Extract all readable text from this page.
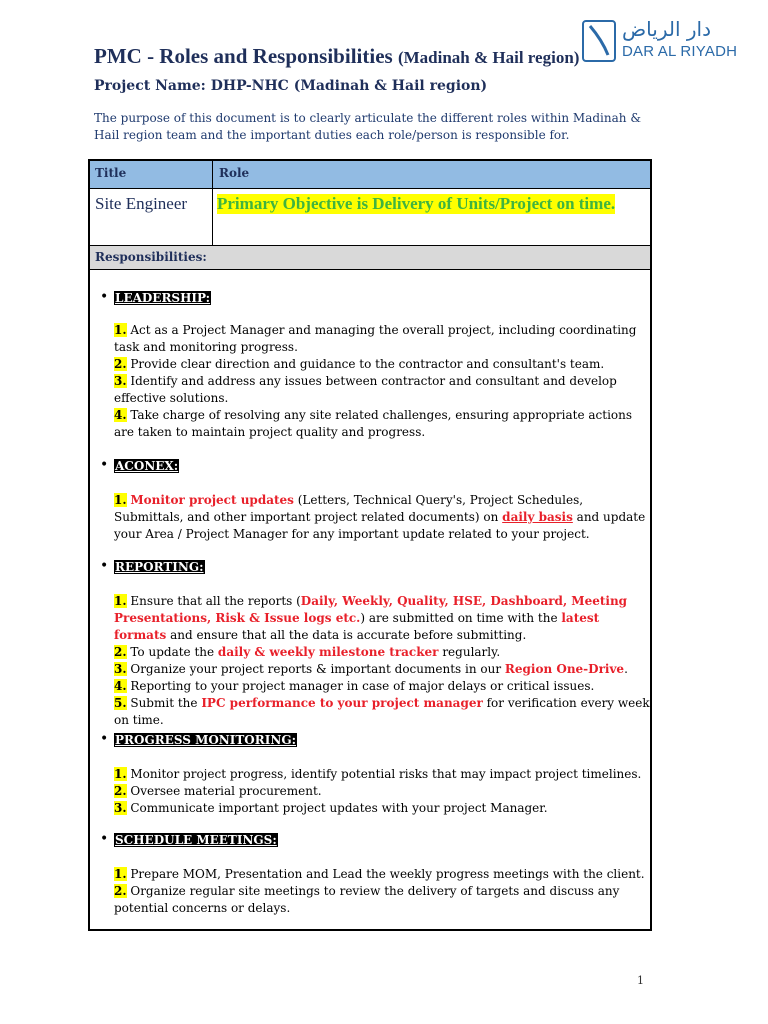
PMC - Roles and Responsibilities (Madinah & Hail region)
دار الرياض
DAR AL RIYADH
Project Name: DHP-NHC (Madinah & Hail region)
The purpose of this document is to clearly articulate the different roles within Madinah & Hail region team and the important duties each role/person is responsible for.
Title	Role
Site Engineer Primary Objective is Delivery of Units/Project on time.
Responsibilities:
• LEADERSHIP:
1. Act as a Project Manager and managing the overall project, including coordinating task and monitoring progress.
2. Provide clear direction and guidance to the contractor and consultant's team.
3. Identify and address any issues between contractor and consultant and develop effective solutions.
4. Take charge of resolving any site related challenges, ensuring appropriate actions are taken to maintain project quality and progress.
• ACONEX:
1. Monitor project updates (Letters, Technical Query's, Project Schedules, Submittals, and other important project related documents) on daily basis and update your Area / Project Manager for any important update related to your project.
• REPORTING:
1. Ensure that all the reports (Daily, Weekly, Quality, HSE, Dashboard, Meeting Presentations, Risk & Issue logs etc.) are submitted on time with the latest formats and ensure that all the data is accurate before submitting.
2. To update the daily & weekly milestone tracker regularly.
3. Organize your project reports & important documents in our Region One-Drive.
4. Reporting to your project manager in case of major delays or critical issues.
5. Submit the IPC performance to your project manager for verification every week on time.
• PROGRESS MONITORING:
1. Monitor project progress, identify potential risks that may impact project timelines.
2. Oversee material procurement.
3. Communicate important project updates with your project Manager.
• SCHEDULE MEETINGS:
1. Prepare MOM, Presentation and Lead the weekly progress meetings with the client.
2. Organize regular site meetings to review the delivery of targets and discuss any potential concerns or delays.
1
